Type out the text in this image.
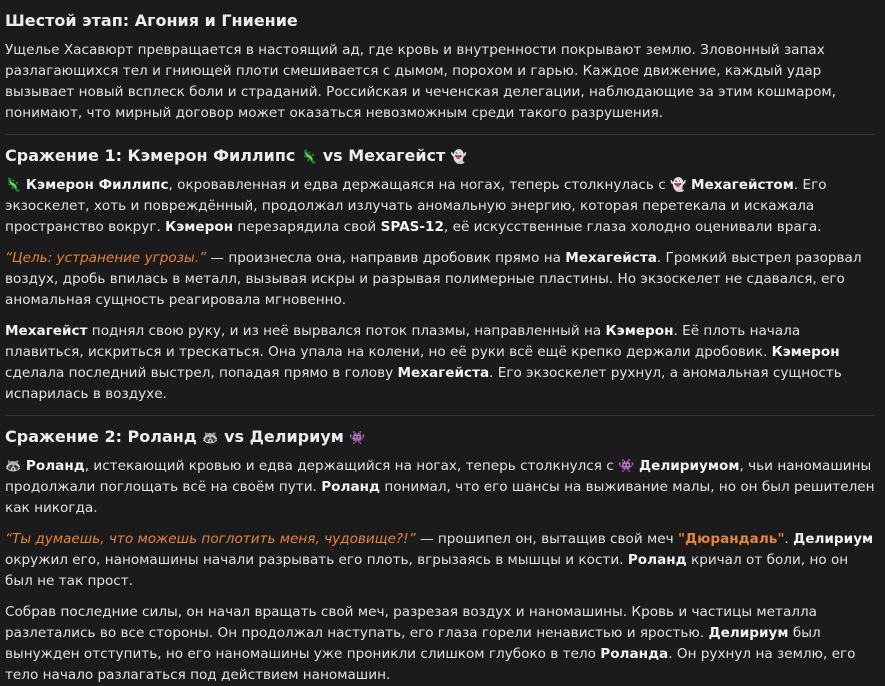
Шестой этап: Агония и Гниение

Ущелье Хасавюрт превращается в настоящий ад, где кровь и внутренности покрывают землю. Зловонный запах разлагающихся тел и гниющей плоти смешивается с дымом, порохом и гарью. Каждое движение, каждый удар вызывает новый всплеск боли и страданий. Российская и чеченская делегации, наблюдающие за этим кошмаром, понимают, что мирный договор может оказаться невозможным среди такого разрушения.

Сражение 1: Кэмерон Филлипс 🦎 vs Мехагейст 👻

🦎 Кэмерон Филлипс, окровавленная и едва держащаяся на ногах, теперь столкнулась с 👻 Мехагейстом. Его экзоскелет, хоть и повреждённый, продолжал излучать аномальную энергию, которая перетекала и искажала пространство вокруг. Кэмерон перезарядила свой SPAS-12, её искусственные глаза холодно оценивали врага.

“Цель: устранение угрозы.” — произнесла она, направив дробовик прямо на Мехагейста. Громкий выстрел разорвал воздух, дробь впилась в металл, вызывая искры и разрывая полимерные пластины. Но экзоскелет не сдавался, его аномальная сущность реагировала мгновенно.

Мехагейст поднял свою руку, и из неё вырвался поток плазмы, направленный на Кэмерон. Её плоть начала плавиться, искриться и трескаться. Она упала на колени, но её руки всё ещё крепко держали дробовик. Кэмерон сделала последний выстрел, попадая прямо в голову Мехагейста. Его экзоскелет рухнул, а аномальная сущность испарилась в воздухе.

Сражение 2: Роланд 🦝 vs Делириум 👾

🦝 Роланд, истекающий кровью и едва держащийся на ногах, теперь столкнулся с 👾 Делириумом, чьи наномашины продолжали поглощать всё на своём пути. Роланд понимал, что его шансы на выживание малы, но он был решителен как никогда.

“Ты думаешь, что можешь поглотить меня, чудовище?!” — прошипел он, вытащив свой меч "Дюрандаль". Делириум окружил его, наномашины начали разрывать его плоть, вгрызаясь в мышцы и кости. Роланд кричал от боли, но он был не так прост.

Собрав последние силы, он начал вращать свой меч, разрезая воздух и наномашины. Кровь и частицы металла разлетались во все стороны. Он продолжал наступать, его глаза горели ненавистью и яростью. Делириум был вынужден отступить, но его наномашины уже проникли слишком глубоко в тело Роланда. Он рухнул на землю, его тело начало разлагаться под действием наномашин.
